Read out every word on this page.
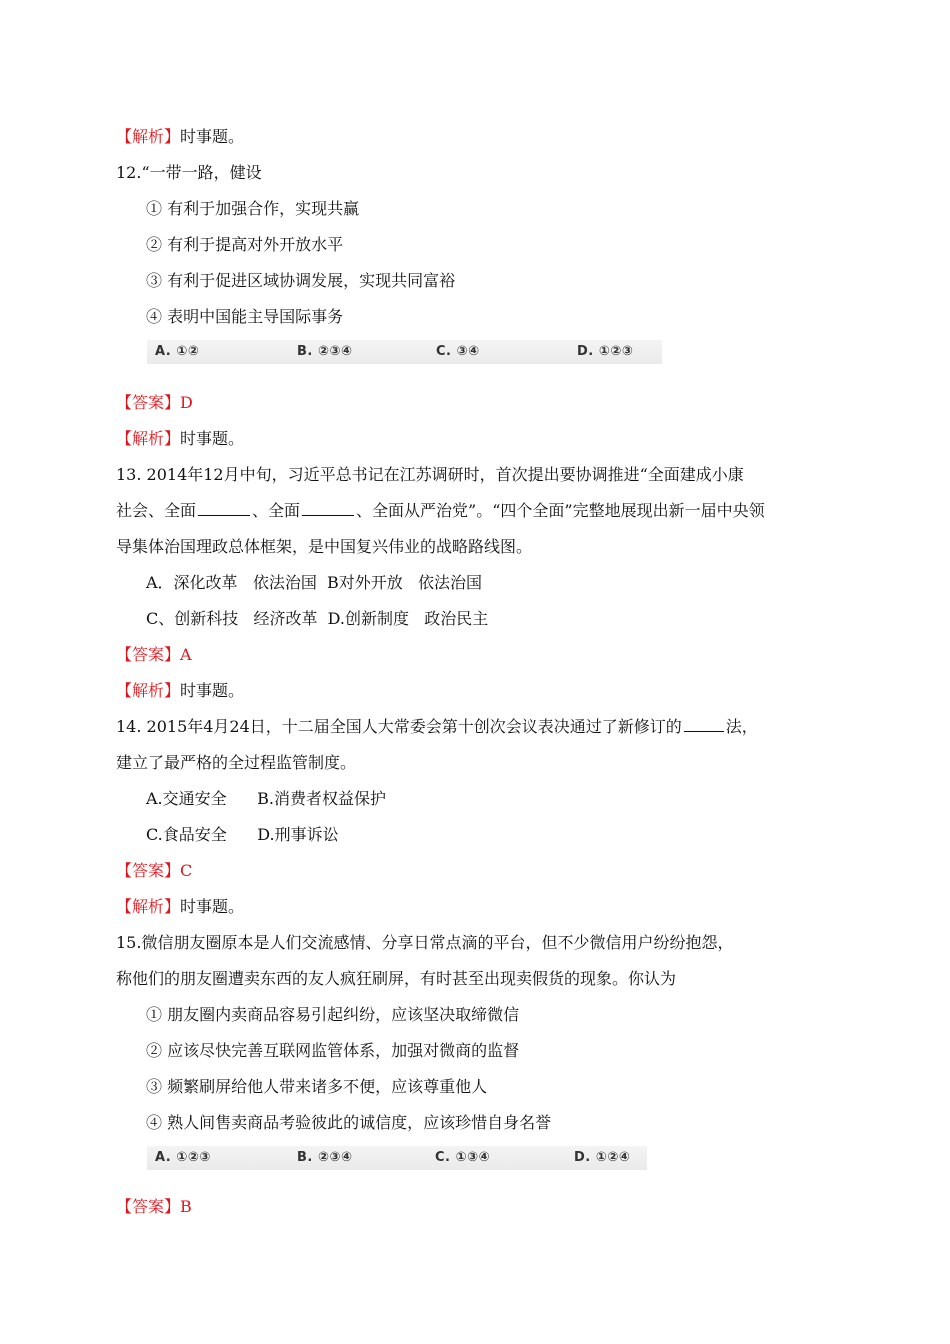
【解析】时事题。
12.“一带一路，健设
① 有利于加强合作，实现共赢
② 有利于提高对外开放水平
③ 有利于促进区域协调发展，实现共同富裕
④ 表明中国能主导国际事务
A. ①②	B. ②③④	C. ③④	D. ①②③
【答案】D
【解析】时事题。
13. 2014年12月中旬，习近平总书记在江苏调研时，首次提出要协调推进“全面建成小康
社会、全面	、全面	、全面从严治党”。“四个全面”完整地展现出新一届中央领
导集体治国理政总体框架，是中国复兴伟业的战略路线图。
A．深化改革   依法治国  B对外开放   依法治国
C、创新科技   经济改革  D.创新制度   政治民主
【答案】A
【解析】时事题。
14. 2015年4月24日，十二届全国人大常委会第十创次会议表决通过了新修订的	法，
建立了最严格的全过程监管制度。
A.交通安全      B.消费者权益保护
C.食品安全      D.刑事诉讼
【答案】C
【解析】时事题。
15.微信朋友圈原本是人们交流感情、分享日常点滴的平台，但不少微信用户纷纷抱怨，
称他们的朋友圈遭卖东西的友人疯狂刷屏，有时甚至出现卖假货的现象。你认为
① 朋友圈内卖商品容易引起纠纷，应该坚决取缔微信
② 应该尽快完善互联网监管体系，加强对微商的监督
③ 频繁刷屏给他人带来诸多不便，应该尊重他人
④ 熟人间售卖商品考验彼此的诚信度，应该珍惜自身名誉
A. ①②③	B. ②③④	C. ①③④	D. ①②④
【答案】B
